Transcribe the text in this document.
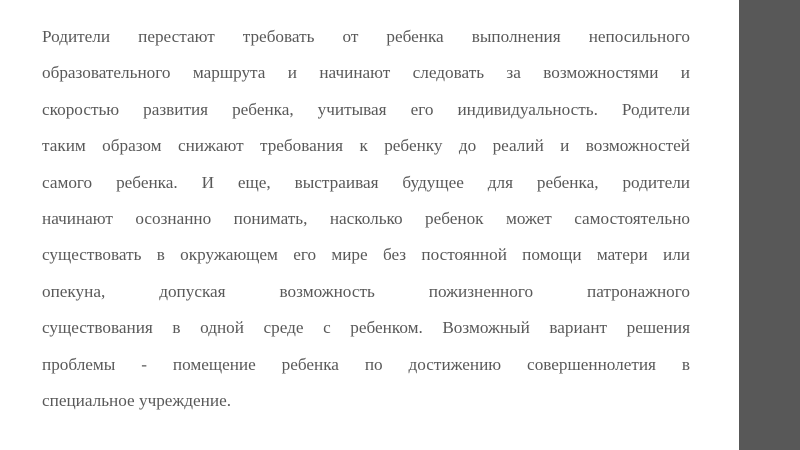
Родители перестают требовать от ребенка выполнения непосильного
образовательного маршрута и начинают следовать за возможностями и
скоростью развития ребенка, учитывая его индивидуальность. Родители
таким образом снижают требования к ребенку до реалий и возможностей
самого ребенка. И еще, выстраивая будущее для ребенка, родители
начинают осознанно понимать, насколько ребенок может самостоятельно
существовать в окружающем его мире без постоянной помощи матери или
опекуна, допуская возможность пожизненного патронажного
существования в одной среде с ребенком. Возможный вариант решения
проблемы - помещение ребенка по достижению совершеннолетия в
специальное учреждение.
